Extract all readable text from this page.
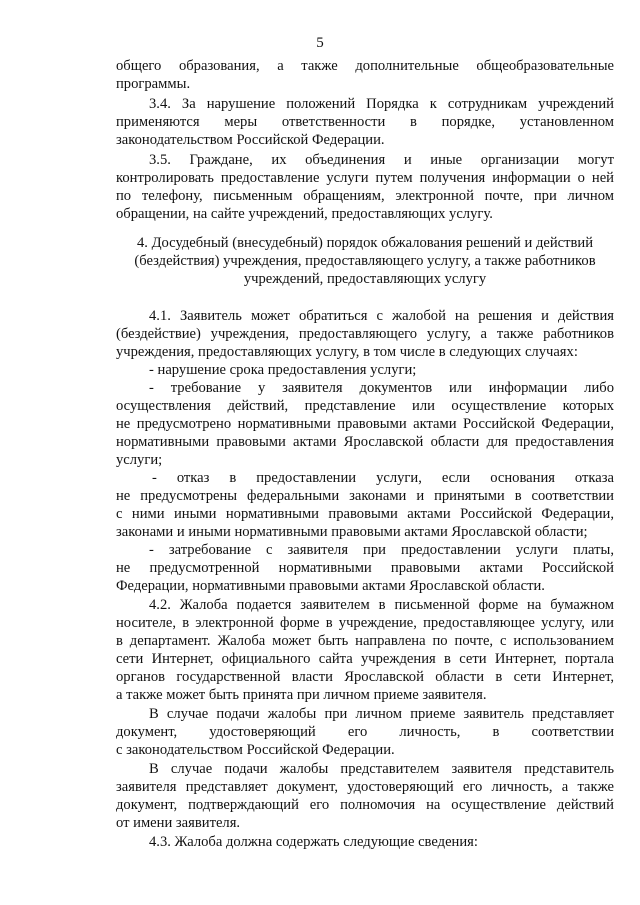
5
общего образования, а также дополнительные общеобразовательные
программы.
3.4. За нарушение положений Порядка к сотрудникам учреждений
применяются меры ответственности в порядке, установленном
законодательством Российской Федерации.
3.5. Граждане, их объединения и иные организации могут
контролировать предоставление услуги путем получения информации о ней
по телефону, письменным обращениям, электронной почте, при личном
обращении, на сайте учреждений, предоставляющих услугу.
4. Досудебный (внесудебный) порядок обжалования решений и действий
(бездействия) учреждения, предоставляющего услугу, а также работников
учреждений, предоставляющих услугу
4.1. Заявитель может обратиться с жалобой на решения и действия
(бездействие) учреждения, предоставляющего услугу, а также работников
учреждения, предоставляющих услугу, в том числе в следующих случаях:
- нарушение срока предоставления услуги;
- требование у заявителя документов или информации либо
осуществления действий, представление или осуществление которых
не предусмотрено нормативными правовыми актами Российской Федерации,
нормативными правовыми актами Ярославской области для предоставления
услуги;
- отказ в предоставлении услуги, если основания отказа
не предусмотрены федеральными законами и принятыми в соответствии
с ними иными нормативными правовыми актами Российской Федерации,
законами и иными нормативными правовыми актами Ярославской области;
- затребование с заявителя при предоставлении услуги платы,
не предусмотренной нормативными правовыми актами Российской
Федерации, нормативными правовыми актами Ярославской области.
4.2. Жалоба подается заявителем в письменной форме на бумажном
носителе, в электронной форме в учреждение, предоставляющее услугу, или
в департамент. Жалоба может быть направлена по почте, с использованием
сети Интернет, официального сайта учреждения в сети Интернет, портала
органов государственной власти Ярославской области в сети Интернет,
а также может быть принята при личном приеме заявителя.
В случае подачи жалобы при личном приеме заявитель представляет
документ, удостоверяющий его личность, в соответствии
с законодательством Российской Федерации.
В случае подачи жалобы представителем заявителя представитель
заявителя представляет документ, удостоверяющий его личность, а также
документ, подтверждающий его полномочия на осуществление действий
от имени заявителя.
4.3. Жалоба должна содержать следующие сведения:
